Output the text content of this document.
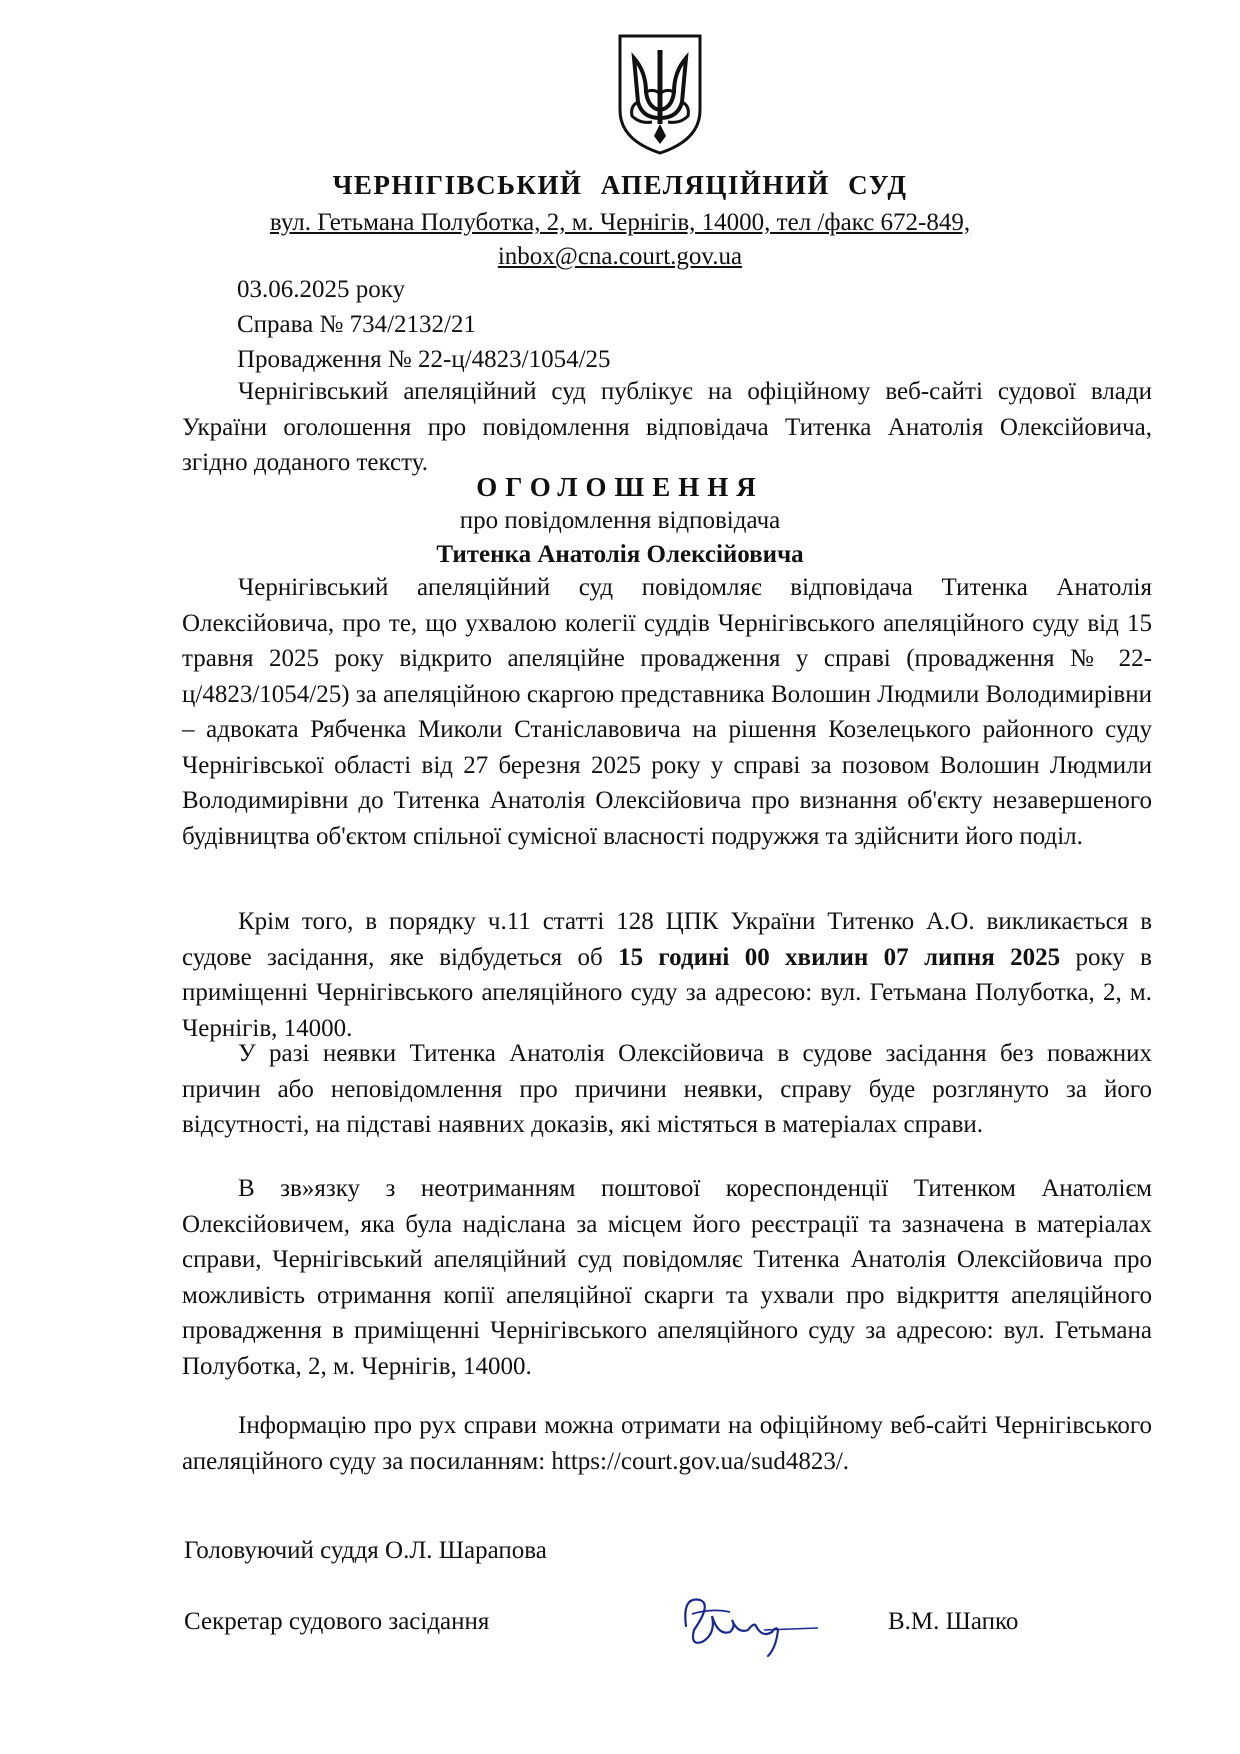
ЧЕРНІГІВСЬКИЙ АПЕЛЯЦІЙНИЙ СУД
вул. Гетьмана Полуботка, 2, м. Чернігів, 14000, тел /факс 672-849,
inbox@cna.court.gov.ua
03.06.2025 року
Справа № 734/2132/21
Провадження № 22-ц/4823/1054/25

Чернігівський апеляційний суд публікує на офіційному веб-сайті судової влади України оголошення про повідомлення відповідача Титенка Анатолія Олексійовича, згідно доданого тексту.

ОГОЛОШЕННЯ
про повідомлення відповідача
Титенка Анатолія Олексійовича

Чернігівський апеляційний суд повідомляє відповідача Титенка Анатолія Олексійовича, про те, що ухвалою колегії суддів Чернігівського апеляційного суду від 15 травня 2025 року відкрито апеляційне провадження у справі (провадження № 22-ц/4823/1054/25) за апеляційною скаргою представника Волошин Людмили Володимирівни – адвоката Рябченка Миколи Станіславовича на рішення Козелецького районного суду Чернігівської області від 27 березня 2025 року у справі за позовом Волошин Людмили Володимирівни до Титенка Анатолія Олексійовича про визнання об'єкту незавершеного будівництва об'єктом спільної сумісної власності подружжя та здійснити його поділ.

Крім того, в порядку ч.11 статті 128 ЦПК України Титенко А.О. викликається в судове засідання, яке відбудеться об 15 годині 00 хвилин 07 липня 2025 року в приміщенні Чернігівського апеляційного суду за адресою: вул. Гетьмана Полуботка, 2, м. Чернігів, 14000.

У разі неявки Титенка Анатолія Олексійовича в судове засідання без поважних причин або неповідомлення про причини неявки, справу буде розглянуто за його відсутності, на підставі наявних доказів, які містяться в матеріалах справи.

В зв»язку з неотриманням поштової кореспонденції Титенком Анатолієм Олексійовичем, яка була надіслана за місцем його реєстрації та зазначена в матеріалах справи, Чернігівський апеляційний суд повідомляє Титенка Анатолія Олексійовича про можливість отримання копії апеляційної скарги та ухвали про відкриття апеляційного провадження в приміщенні Чернігівського апеляційного суду за адресою: вул. Гетьмана Полуботка, 2, м. Чернігів, 14000.

Інформацію про рух справи можна отримати на офіційному веб-сайті Чернігівського апеляційного суду за посиланням: https://court.gov.ua/sud4823/.

Головуючий суддя О.Л. Шарапова
Секретар судового засідання	В.М. Шапко
